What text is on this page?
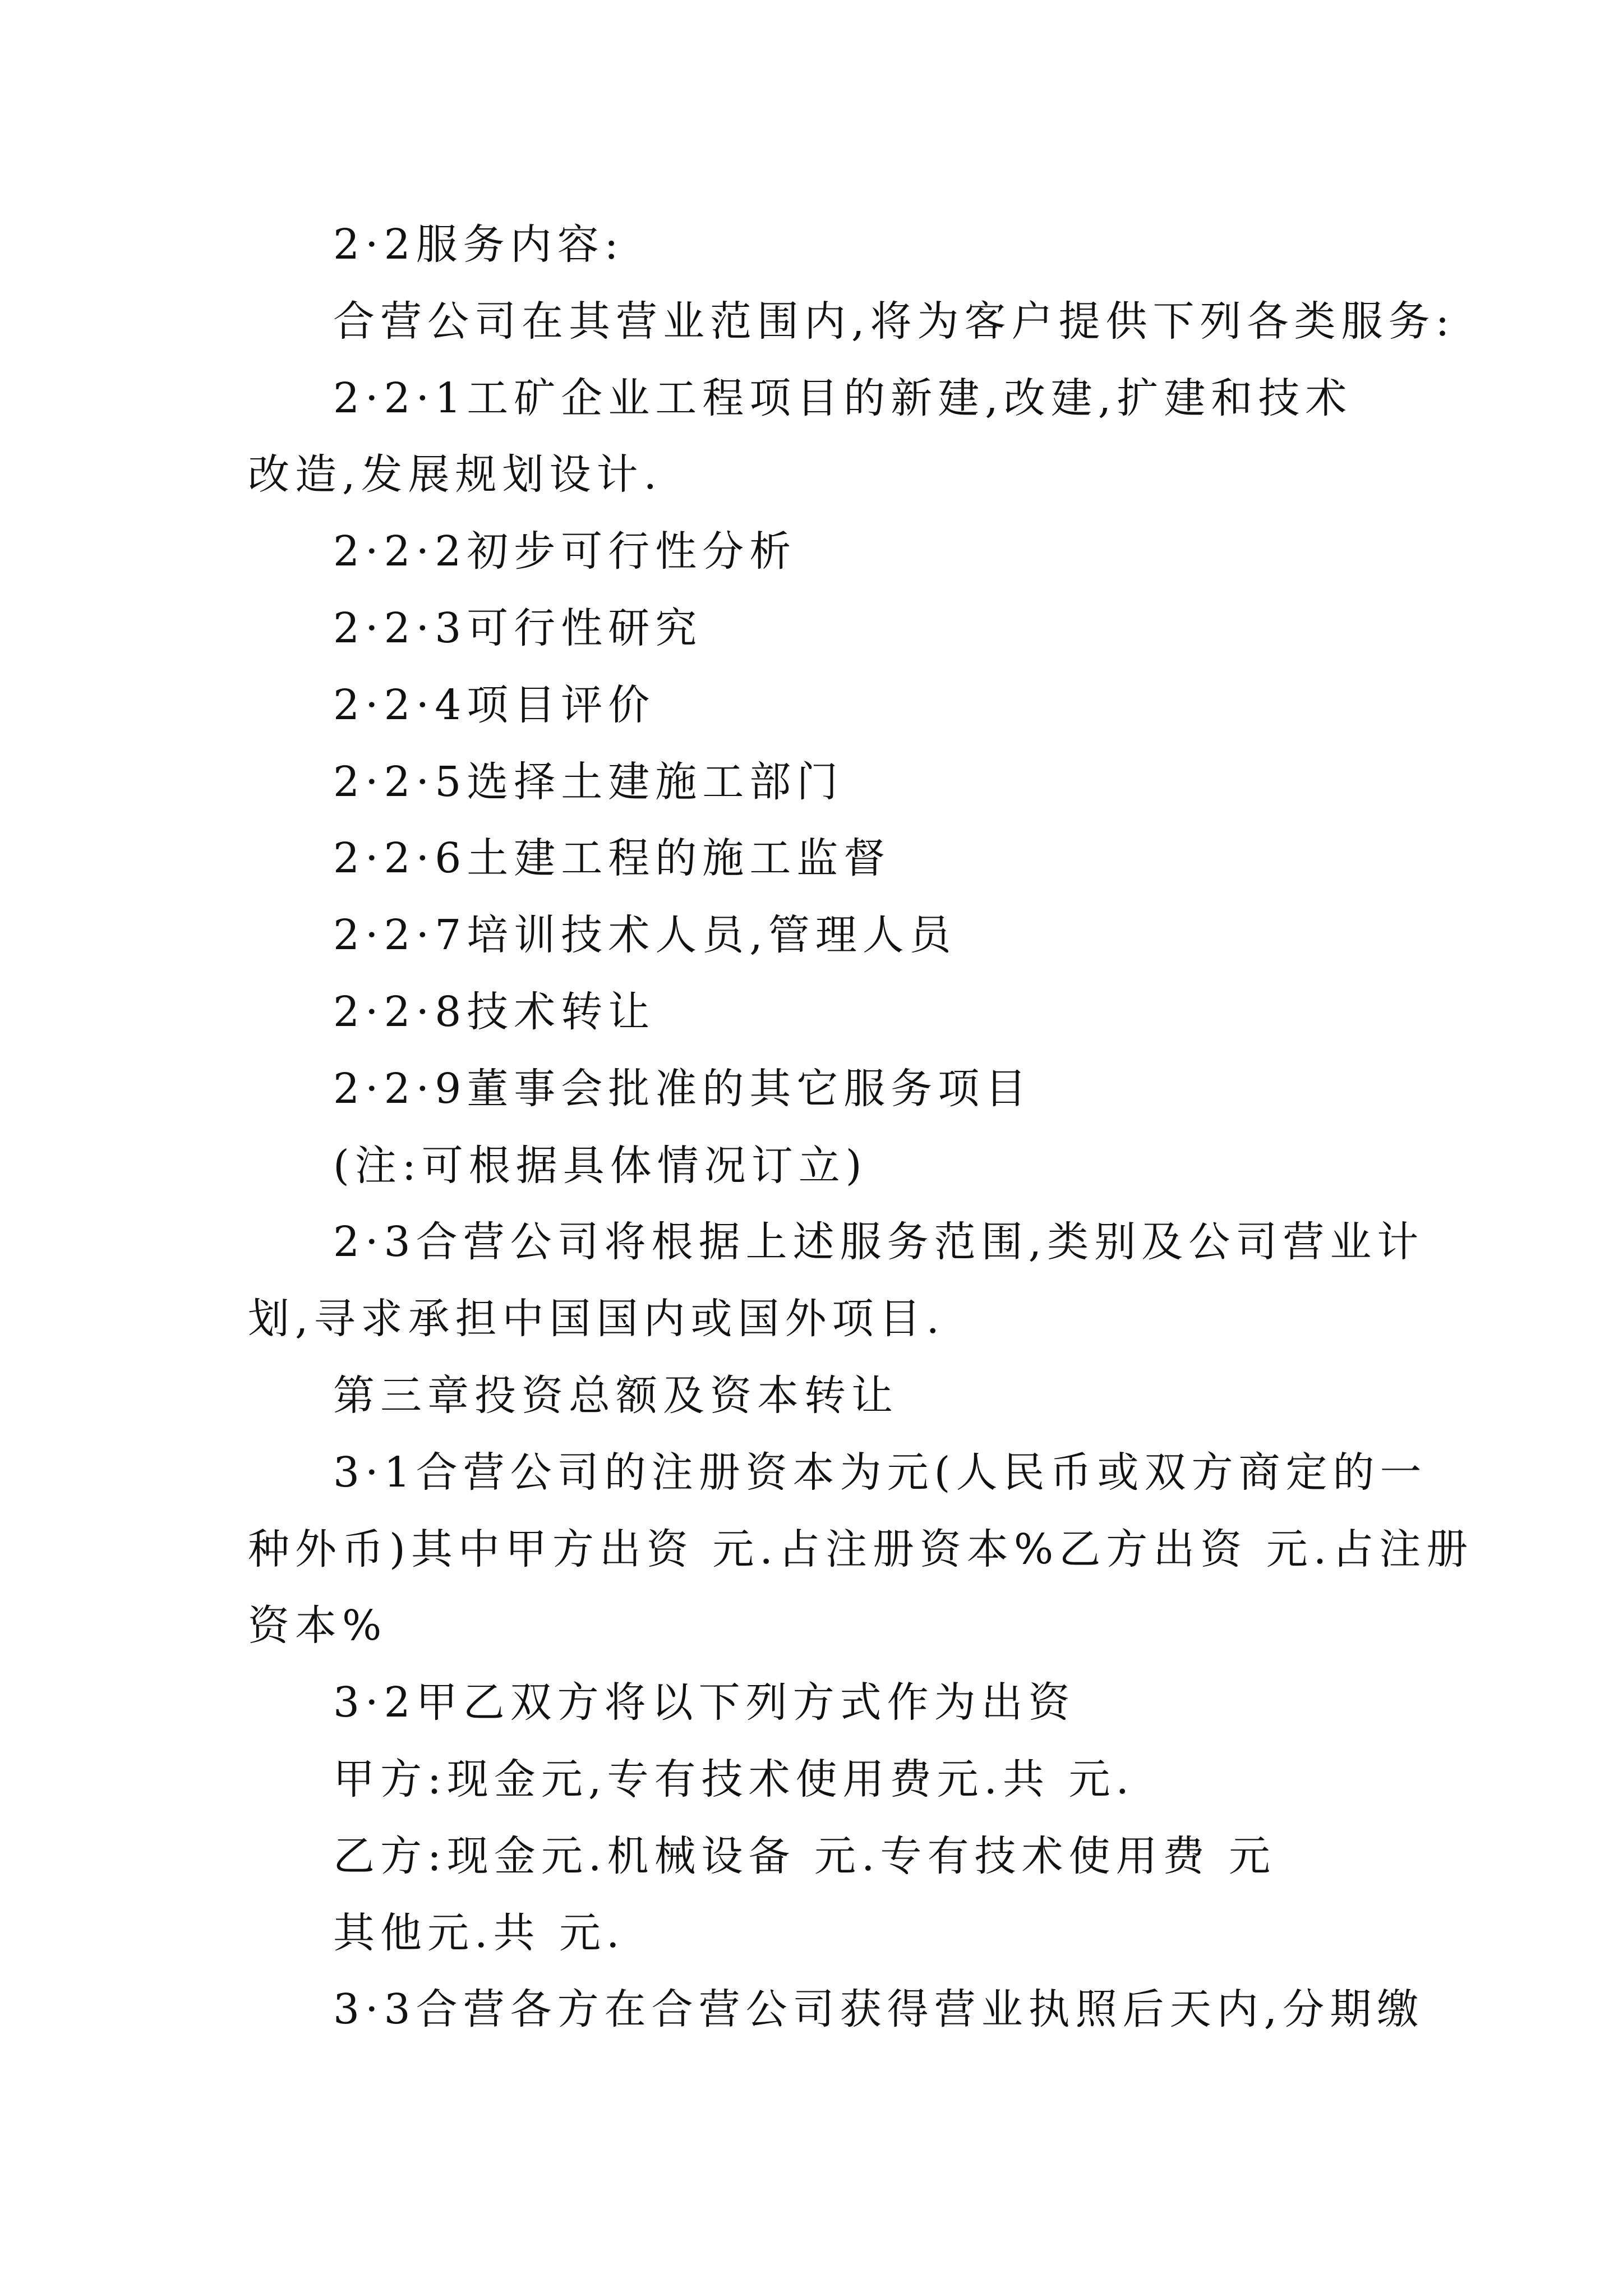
2·2服务内容:

合营公司在其营业范围内,将为客户提供下列各类服务:

2·2·1工矿企业工程项目的新建,改建,扩建和技术

改造,发展规划设计.

2·2·2初步可行性分析

2·2·3可行性研究

2·2·4项目评价

2·2·5选择土建施工部门

2·2·6土建工程的施工监督

2·2·7培训技术人员,管理人员

2·2·8技术转让

2·2·9董事会批准的其它服务项目

(注:可根据具体情况订立)

2·3合营公司将根据上述服务范围,类别及公司营业计

划,寻求承担中国国内或国外项目.

第三章投资总额及资本转让

3·1合营公司的注册资本为元(人民币或双方商定的一

种外币)其中甲方出资 元.占注册资本%乙方出资 元.占注册

资本%

3·2甲乙双方将以下列方式作为出资

甲方:现金元,专有技术使用费元.共 元.

乙方:现金元.机械设备 元.专有技术使用费 元

其他元.共 元.

3·3合营各方在合营公司获得营业执照后天内,分期缴
